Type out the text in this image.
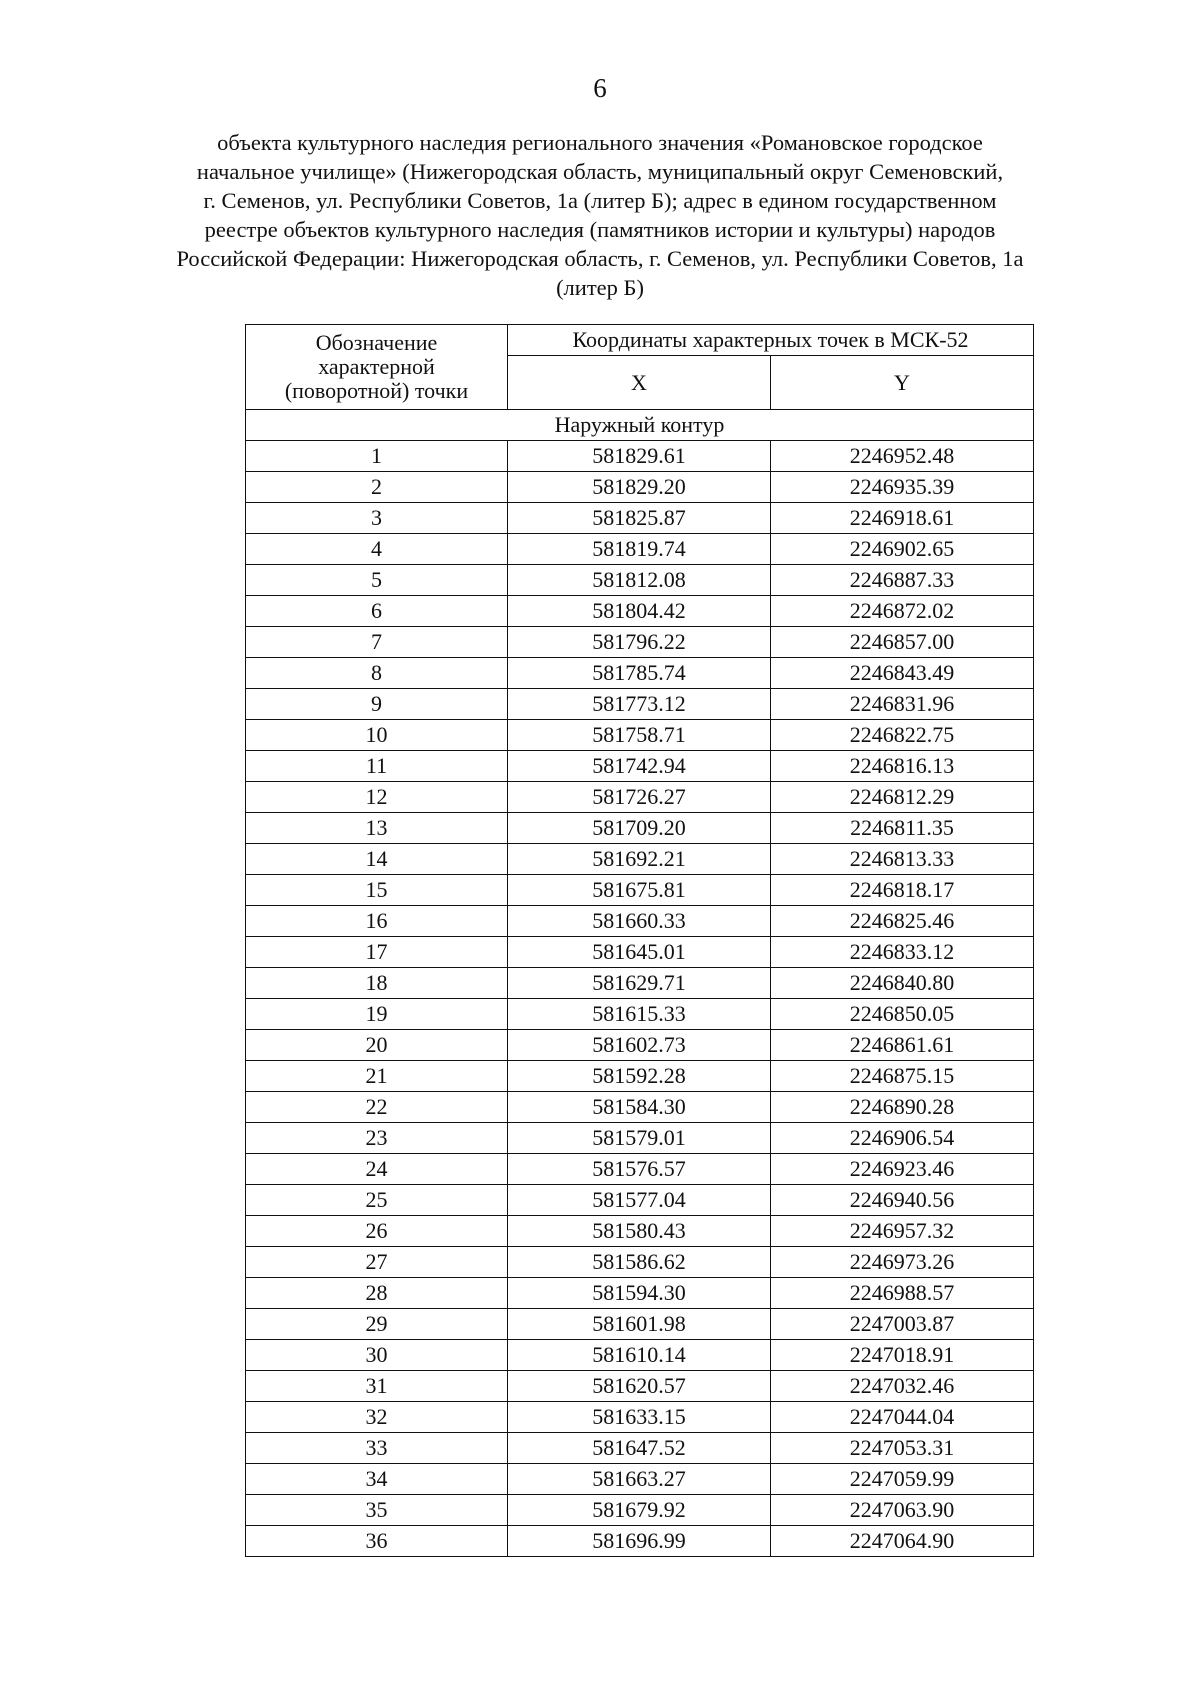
6
объекта культурного наследия регионального значения «Романовское городское
начальное училище» (Нижегородская область, муниципальный округ Семеновский,
г. Семенов, ул. Республики Советов, 1а (литер Б); адрес в едином государственном
реестре объектов культурного наследия (памятников истории и культуры) народов
Российской Федерации: Нижегородская область, г. Семенов, ул. Республики Советов, 1а
(литер Б)
Обозначение
характерной
(поворотной) точки	Координаты характерных точек в МСК-52	
	X	Y
Наружный контур		
1	581829.61	2246952.48
2	581829.20	2246935.39
3	581825.87	2246918.61
4	581819.74	2246902.65
5	581812.08	2246887.33
6	581804.42	2246872.02
7	581796.22	2246857.00
8	581785.74	2246843.49
9	581773.12	2246831.96
10	581758.71	2246822.75
11	581742.94	2246816.13
12	581726.27	2246812.29
13	581709.20	2246811.35
14	581692.21	2246813.33
15	581675.81	2246818.17
16	581660.33	2246825.46
17	581645.01	2246833.12
18	581629.71	2246840.80
19	581615.33	2246850.05
20	581602.73	2246861.61
21	581592.28	2246875.15
22	581584.30	2246890.28
23	581579.01	2246906.54
24	581576.57	2246923.46
25	581577.04	2246940.56
26	581580.43	2246957.32
27	581586.62	2246973.26
28	581594.30	2246988.57
29	581601.98	2247003.87
30	581610.14	2247018.91
31	581620.57	2247032.46
32	581633.15	2247044.04
33	581647.52	2247053.31
34	581663.27	2247059.99
35	581679.92	2247063.90
36	581696.99	2247064.90
